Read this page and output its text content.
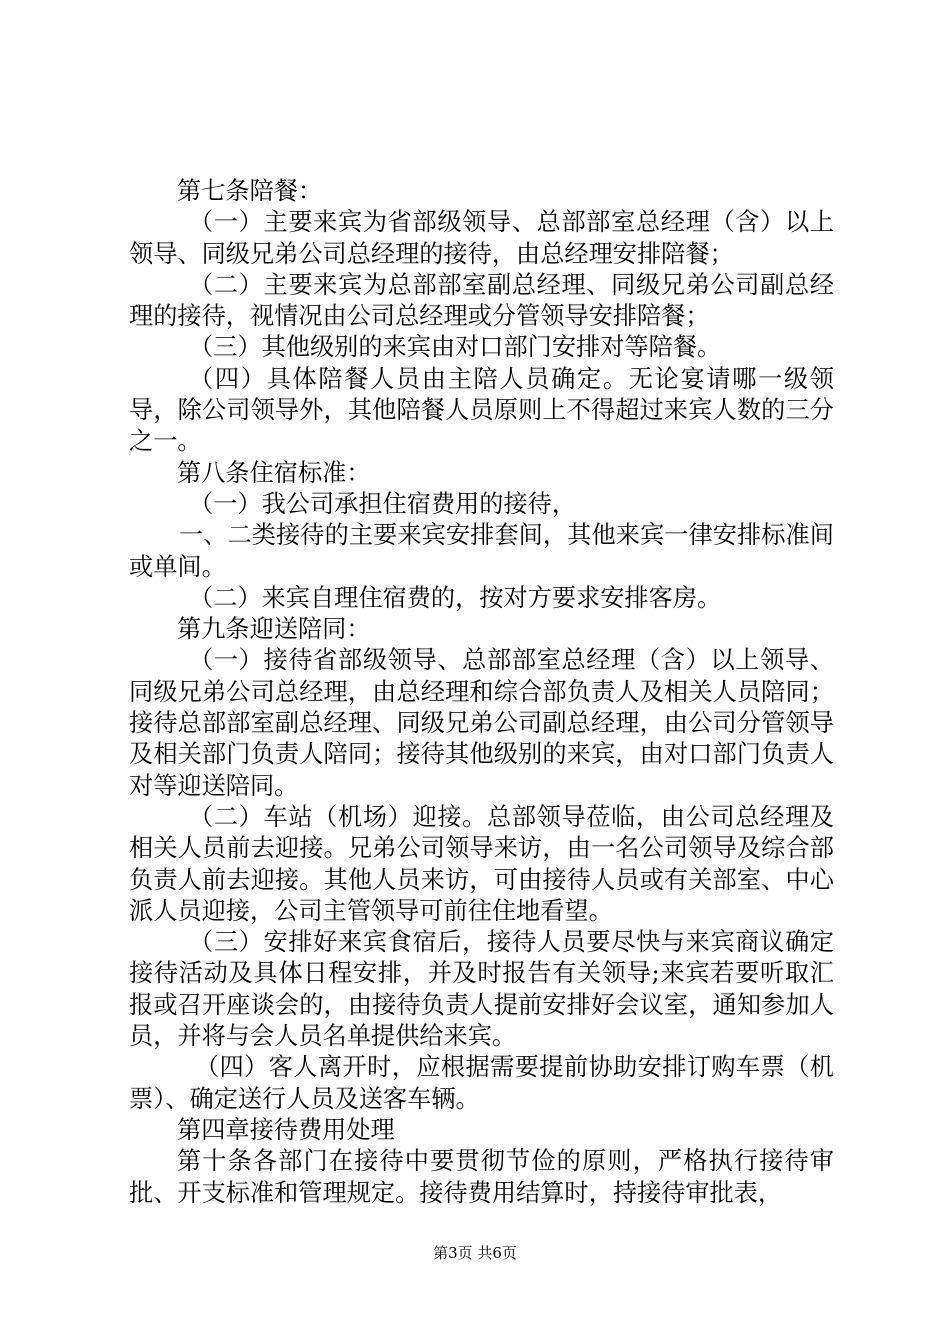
第七条陪餐：

（一）主要来宾为省部级领导、总部部室总经理（含）以上领导、同级兄弟公司总经理的接待，由总经理安排陪餐；

（二）主要来宾为总部部室副总经理、同级兄弟公司副总经理的接待，视情况由公司总经理或分管领导安排陪餐；

（三）其他级别的来宾由对口部门安排对等陪餐。

（四）具体陪餐人员由主陪人员确定。无论宴请哪一级领导，除公司领导外，其他陪餐人员原则上不得超过来宾人数的三分之一。

第八条住宿标准：

（一）我公司承担住宿费用的接待，

一、二类接待的主要来宾安排套间，其他来宾一律安排标准间或单间。

（二）来宾自理住宿费的，按对方要求安排客房。

第九条迎送陪同：

（一）接待省部级领导、总部部室总经理（含）以上领导、同级兄弟公司总经理，由总经理和综合部负责人及相关人员陪同；接待总部部室副总经理、同级兄弟公司副总经理，由公司分管领导及相关部门负责人陪同；接待其他级别的来宾，由对口部门负责人对等迎送陪同。

（二）车站（机场）迎接。总部领导莅临，由公司总经理及相关人员前去迎接。兄弟公司领导来访，由一名公司领导及综合部负责人前去迎接。其他人员来访，可由接待人员或有关部室、中心派人员迎接，公司主管领导可前往住地看望。

（三）安排好来宾食宿后，接待人员要尽快与来宾商议确定接待活动及具体日程安排，并及时报告有关领导;来宾若要听取汇报或召开座谈会的，由接待负责人提前安排好会议室，通知参加人员，并将与会人员名单提供给来宾。

（四）客人离开时，应根据需要提前协助安排订购车票（机票）、确定送行人员及送客车辆。

第四章接待费用处理

第十条各部门在接待中要贯彻节俭的原则，严格执行接待审批、开支标准和管理规定。接待费用结算时，持接待审批表，

第3页 共6页
